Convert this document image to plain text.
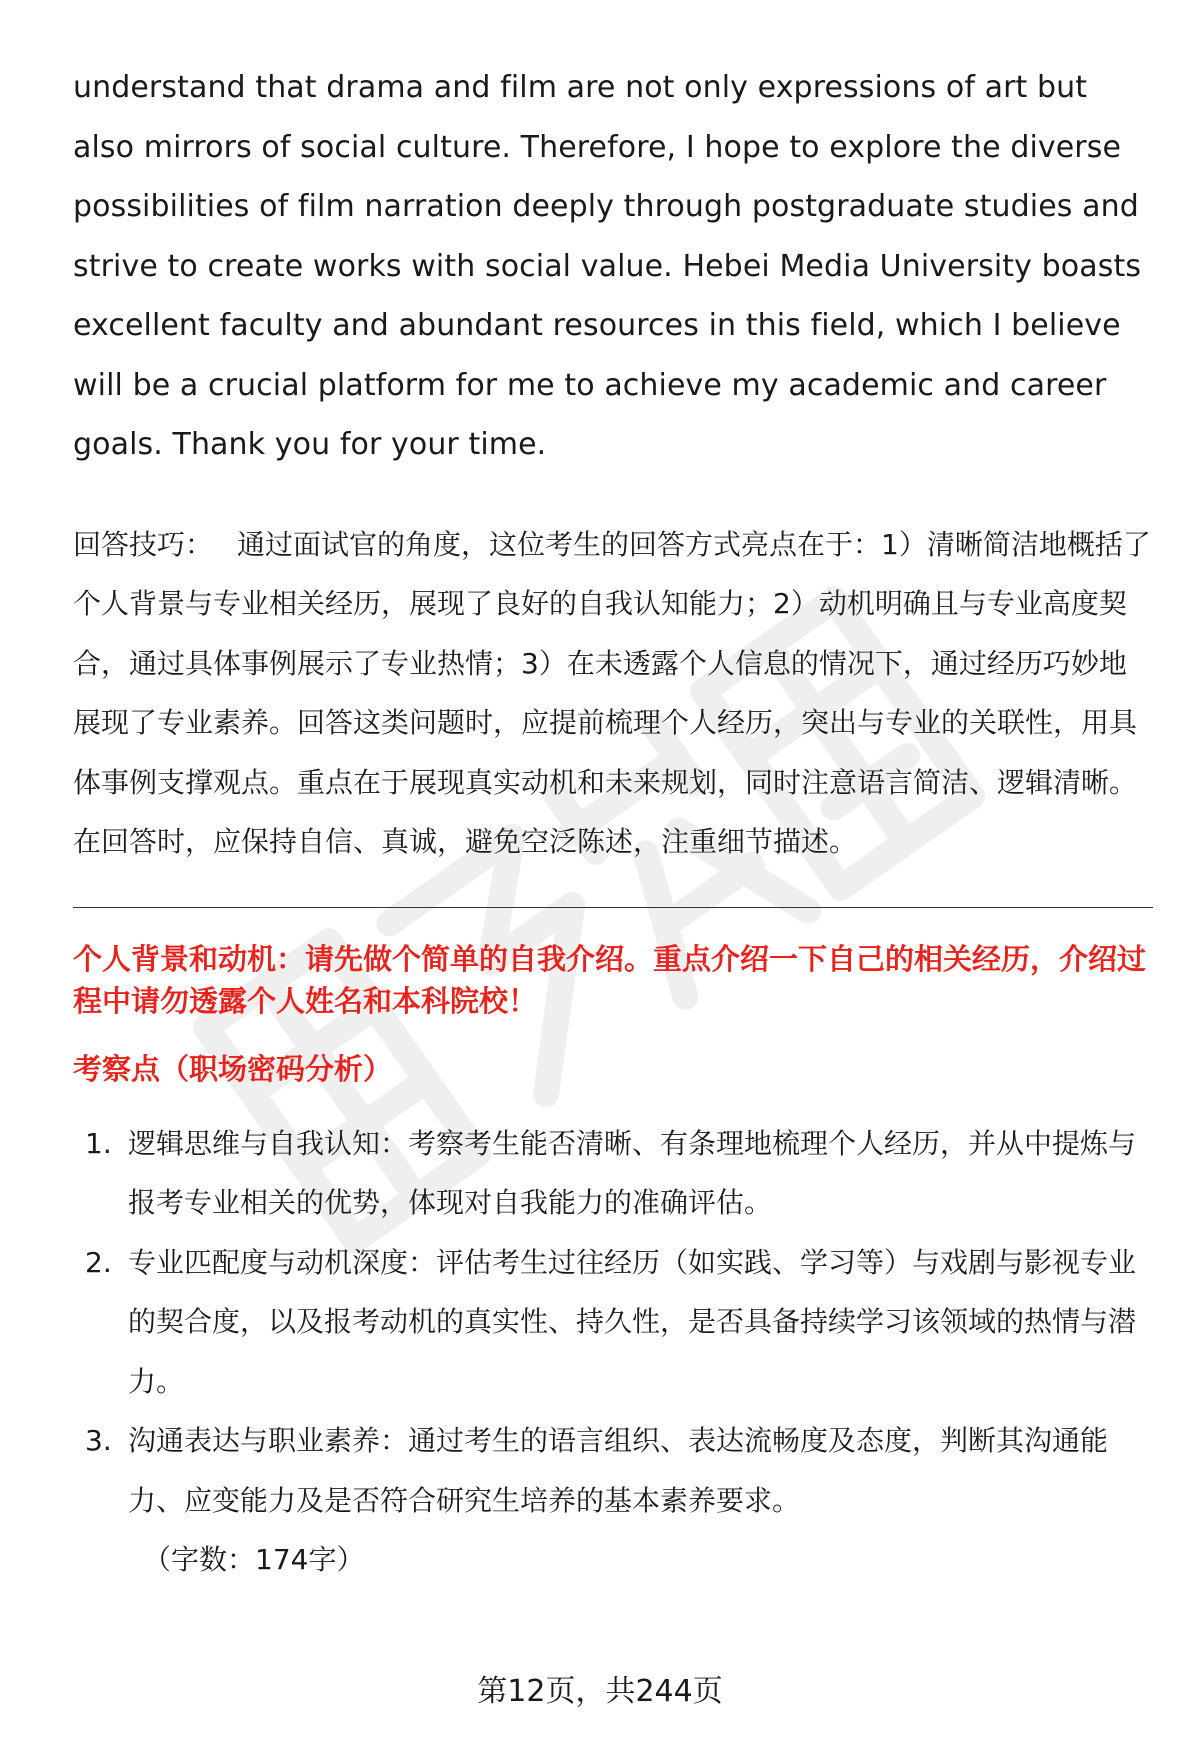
understand that drama and film are not only expressions of art but also mirrors of social culture. Therefore, I hope to explore the diverse possibilities of film narration deeply through postgraduate studies and strive to create works with social value. Hebei Media University boasts excellent faculty and abundant resources in this field, which I believe will be a crucial platform for me to achieve my academic and career goals. Thank you for your time.

回答技巧： 通过面试官的角度，这位考生的回答方式亮点在于：1）清晰简洁地概括了个人背景与专业相关经历，展现了良好的自我认知能力；2）动机明确且与专业高度契合，通过具体事例展示了专业热情；3）在未透露个人信息的情况下，通过经历巧妙地展现了专业素养。回答这类问题时，应提前梳理个人经历，突出与专业的关联性，用具体事例支撑观点。重点在于展现真实动机和未来规划，同时注意语言简洁、逻辑清晰。在回答时，应保持自信、真诚，避免空泛陈述，注重细节描述。

个人背景和动机：请先做个简单的自我介绍。重点介绍一下自己的相关经历，介绍过程中请勿透露个人姓名和本科院校！

考察点（职场密码分析）

1. 逻辑思维与自我认知：考察考生能否清晰、有条理地梳理个人经历，并从中提炼与报考专业相关的优势，体现对自我能力的准确评估。
2. 专业匹配度与动机深度：评估考生过往经历（如实践、学习等）与戏剧与影视专业的契合度，以及报考动机的真实性、持久性，是否具备持续学习该领域的热情与潜力。
3. 沟通表达与职业素养：通过考生的语言组织、表达流畅度及态度，判断其沟通能力、应变能力及是否符合研究生培养的基本素养要求。

（字数：174字）

第12页，共244页
